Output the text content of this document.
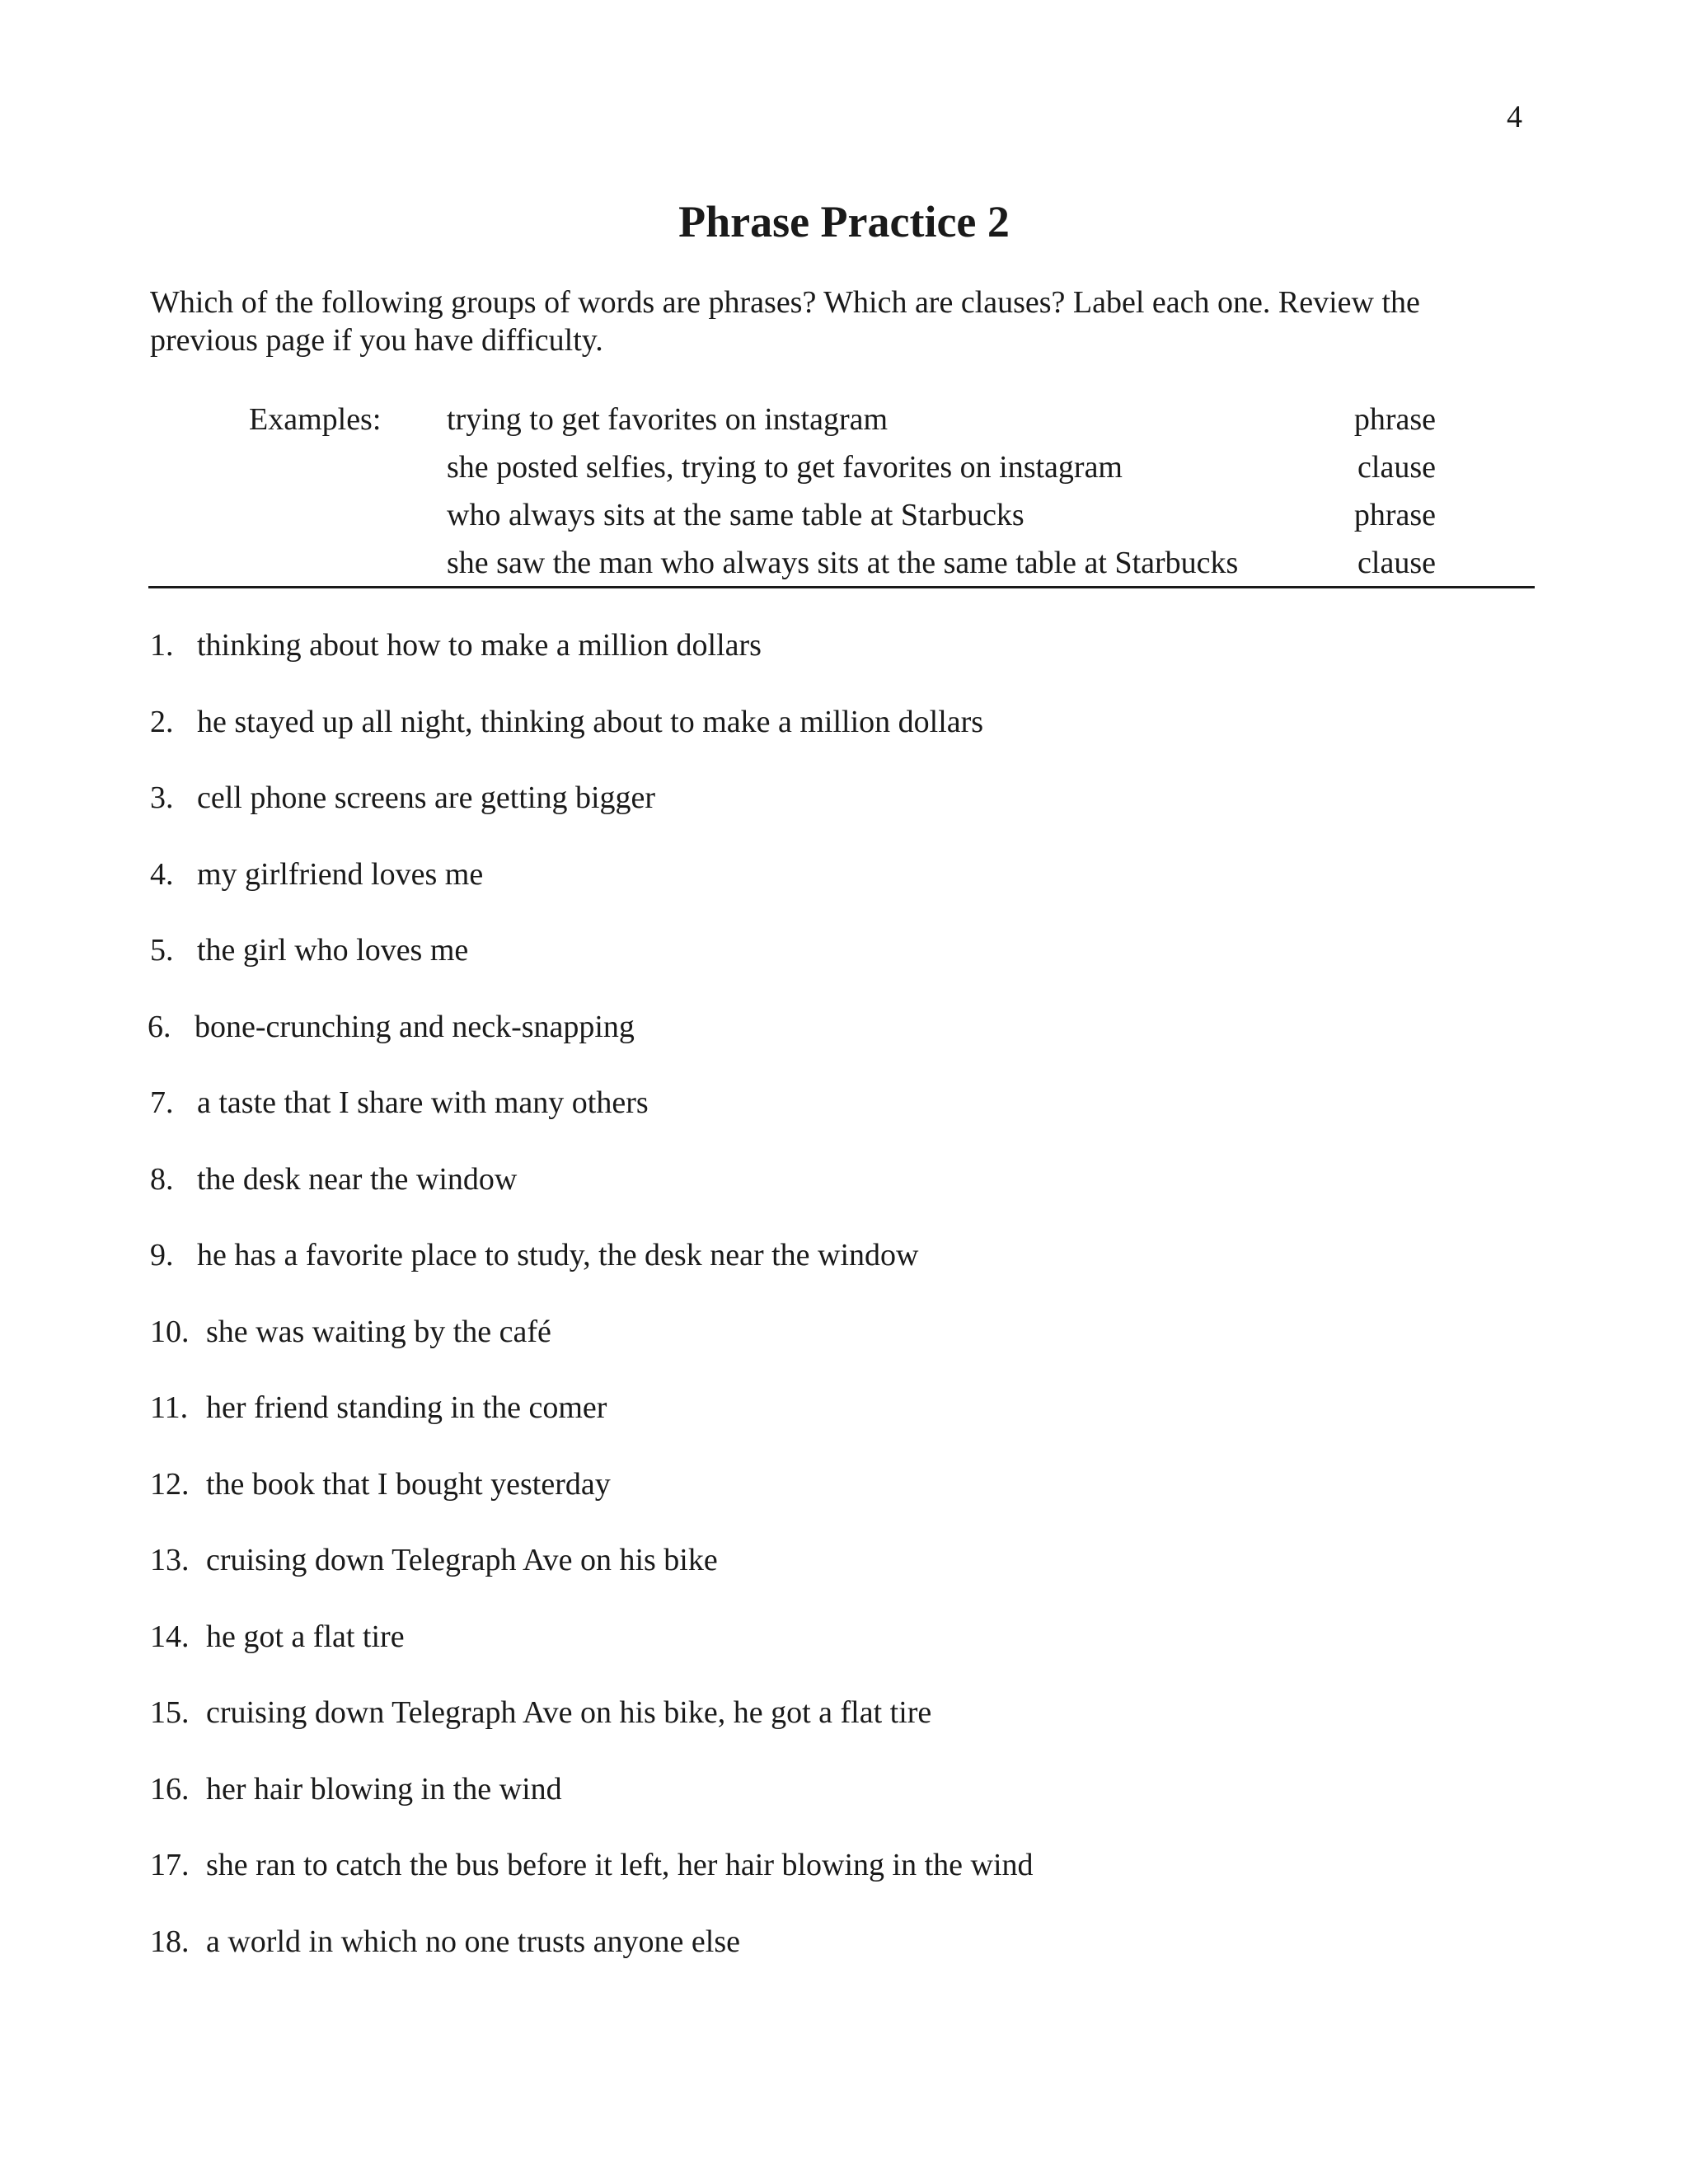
4
Phrase Practice 2
Which of the following groups of words are phrases? Which are clauses? Label each one. Review the previous page if you have difficulty.
Examples: trying to get favorites on instagram	phrase
she posted selfies, trying to get favorites on instagram	clause
who always sits at the same table at Starbucks	phrase
she saw the man who always sits at the same table at Starbucks	clause
1. thinking about how to make a million dollars
2. he stayed up all night, thinking about to make a million dollars
3. cell phone screens are getting bigger
4. my girlfriend loves me
5. the girl who loves me
6. bone-crunching and neck-snapping
7. a taste that I share with many others
8. the desk near the window
9. he has a favorite place to study, the desk near the window
10. she was waiting by the café
11. her friend standing in the comer
12. the book that I bought yesterday
13. cruising down Telegraph Ave on his bike
14. he got a flat tire
15. cruising down Telegraph Ave on his bike, he got a flat tire
16. her hair blowing in the wind
17. she ran to catch the bus before it left, her hair blowing in the wind
18. a world in which no one trusts anyone else
